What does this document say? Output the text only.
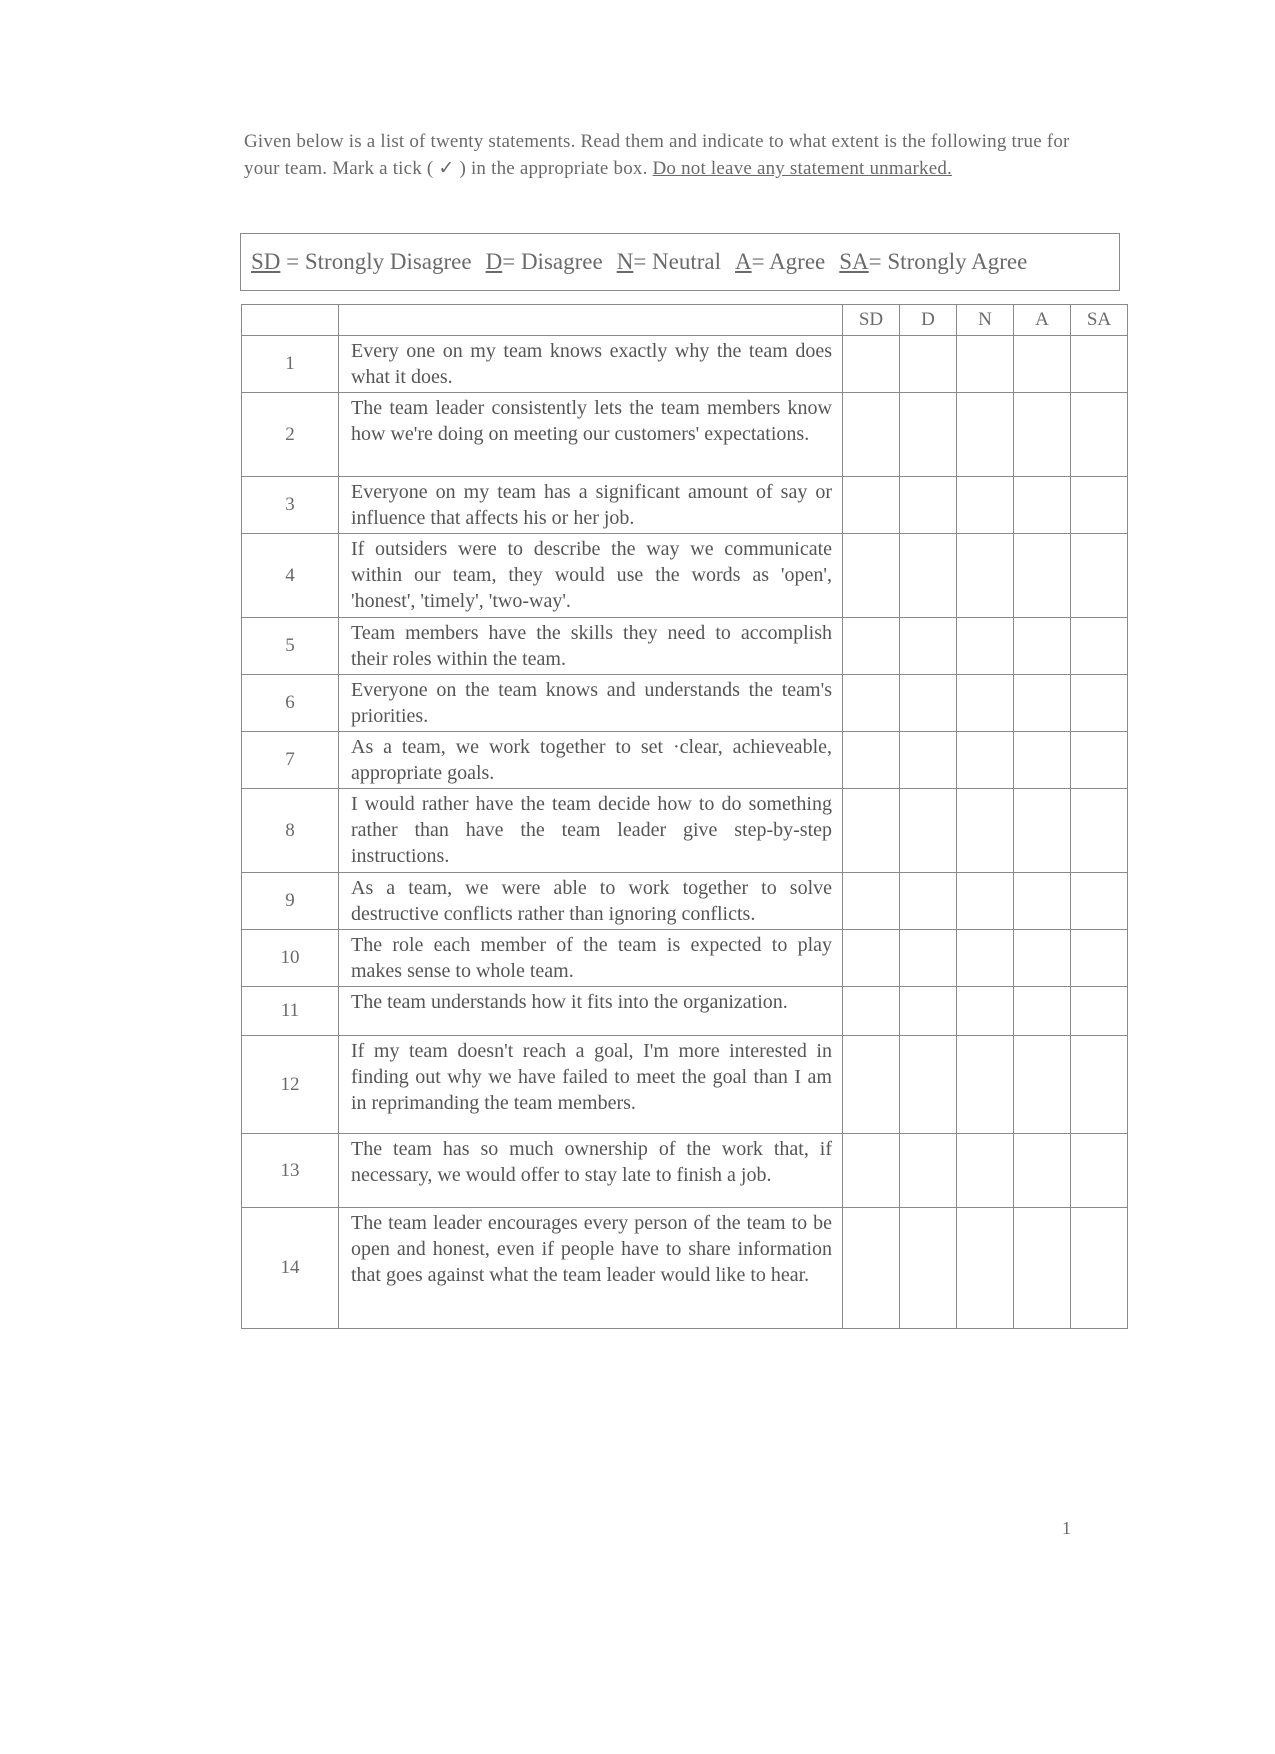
Given below is a list of twenty statements. Read them and indicate to what extent is the following true for your team. Mark a tick ( ✓ ) in the appropriate box. Do not leave any statement unmarked.
SD = Strongly Disagree D= Disagree N= Neutral A= Agree SA= Strongly Agree
		SD	D	N	A	SA
1	Every one on my team knows exactly why the team does what it does.					
2	The team leader consistently lets the team members know how we're doing on meeting our customers' expectations.					
3	Everyone on my team has a significant amount of say or influence that affects his or her job.					
4	If outsiders were to describe the way we communicate within our team, they would use the words as 'open', 'honest', 'timely', 'two-way'.					
5	Team members have the skills they need to accomplish their roles within the team.					
6	Everyone on the team knows and understands the team's priorities.					
7	As a team, we work together to set ·clear, achieveable, appropriate goals.					
8	I would rather have the team decide how to do something rather than have the team leader give step-by-step instructions.					
9	As a team, we were able to work together to solve destructive conflicts rather than ignoring conflicts.					
10	The role each member of the team is expected to play makes sense to whole team.					
11	The team understands how it fits into the organization.					
12	If my team doesn't reach a goal, I'm more interested in finding out why we have failed to meet the goal than I am in reprimanding the team members.					
13	The team has so much ownership of the work that, if necessary, we would offer to stay late to finish a job.					
14	The team leader encourages every person of the team to be open and honest, even if people have to share information that goes against what the team leader would like to hear.					
1
